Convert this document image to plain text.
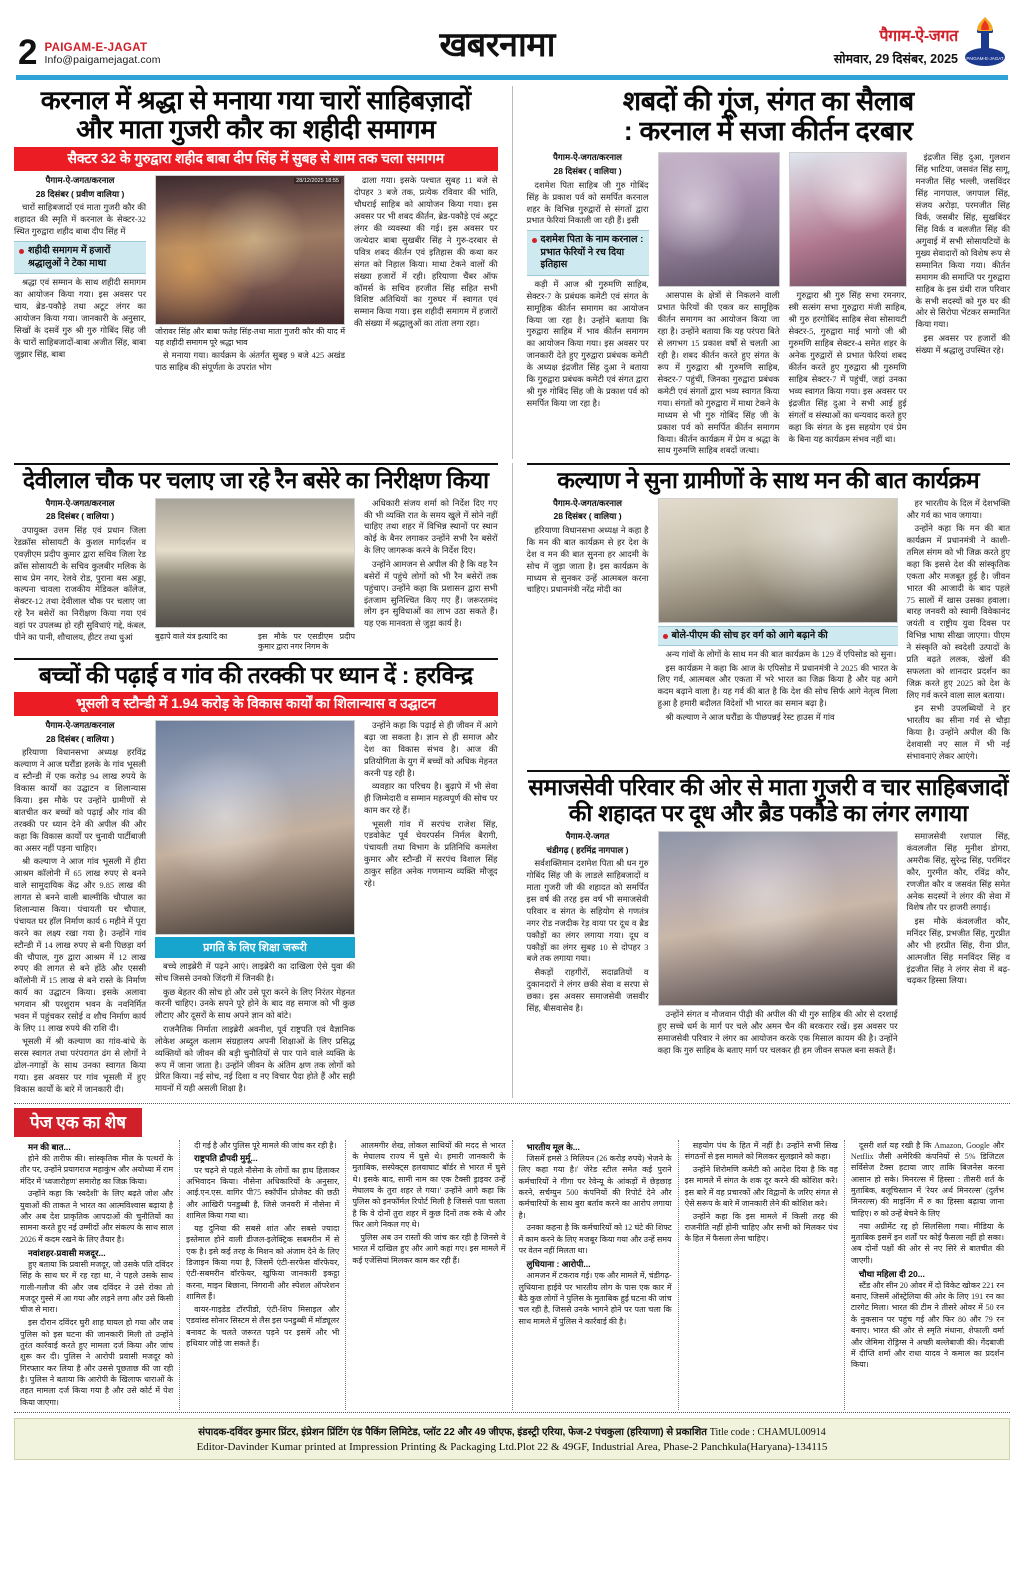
2 PAIGAM-E-JAGAT
Info@paigamejagat.com	खबरनामा	पैगाम-ऐ-जगत
सोमवार, 29 दिसंबर, 2025 PAIGAM-E-JAGAT
करनाल में श्रद्धा से मनाया गया चारों साहिबज़ादों
और माता गुजरी कौर का शहीदी समागम
सैक्टर 32 के गुरुद्वारा शहीद बाबा दीप सिंह में सुबह से शाम तक चला समागम
पैगाम-ऐ-जगत/करनाल
28 दिसंबर ( प्रवीण वालिया )

चारों साहिबजादों एवं माता गुजरी कौर की शहादत की स्मृति में करनाल के सेक्टर-32 स्थित गुरुद्वारा शहीद बाबा दीप सिंह में

शहीदी समागम में हजारों श्रद्धालुओं ने टेका माथा

श्रद्धा एवं सम्मान के साथ शहीदी समागम का आयोजन किया गया। इस अवसर पर चाय, ब्रेड-पकौड़े तथा अटूट लंगर का आयोजन किया गया। जानकारी के अनुसार, सिखों के दसवें गुरु श्री गुरु गोबिंद सिंह जी के चारों साहिबजादों-बाबा अजीत सिंह, बाबा जुझार सिंह, बाबा

28/12/2025 18:55
जोरावर सिंह और बाबा फतेह सिंह-तथा माता गुजरी कौर की याद में यह शहीदी समागम पूरे श्रद्धा भाव

से मनाया गया। कार्यक्रम के अंतर्गत सुबह 9 बजे 425 अखंड पाठ साहिब की संपूर्णता के उपरांत भोग

ढाला गया। इसके पश्चात सुबह 11 बजे से दोपहर 3 बजे तक, प्रत्येक रविवार की भांति, चौधराई साहिब को आयोजन किया गया। इस अवसर पर भी शबद कीर्तन, ब्रेड-पकौड़े एवं अटूट लंगर की व्यवस्था की गई। इस अवसर पर जत्थेदार बाबा सुखबीर सिंह ने गुरु-दरबार से पवित्र शबद कीर्तन एवं इतिहास की कथा कर संगत को निहाल किया। माथा टेकने वालों की संख्या हजारों में रही। हरियाणा चैंबर ऑफ कॉमर्स के सचिव हरजीत सिंह सहित सभी विशिष्ट अतिथियों का गुरुघर में स्वागत एवं सम्मान किया गया। इस शहीदी समागम में हजारों की संख्या में श्रद्धालुओं का तांता लगा रहा।

शबदों की गूंज, संगत का सैलाब
: करनाल में सजा कीर्तन दरबार
पैगाम-ऐ-जगत/करनाल
28 दिसंबर ( वालिया )

दशमेश पिता साहिब जी गुरु गोबिंद सिंह के प्रकाश पर्व को समर्पित करनाल शहर के विभिन्न गुरुद्वारों से संगतों द्वारा प्रभात फेरियां निकाली जा रही हैं। इसी

दशमेश पिता के नाम करनाल : प्रभात फेरियों ने रच दिया इतिहास

कड़ी में आज श्री गुरुमणि साहिब, सेक्टर-7 के प्रबंधक कमेटी एवं संगत के सामूहिक कीर्तन समागम का आयोजन किया जा रहा है। उन्होंने बताया कि गुरुद्वारा साहिब में भाव कीर्तन समागम का आयोजन किया गया। इस अवसर पर जानकारी देते हुए गुरुद्वारा प्रबंधक कमेटी के अध्यक्ष इंद्रजीत सिंह दुआ ने बताया कि गुरुद्वारा प्रबंधक कमेटी एवं संगत द्वारा श्री गुरु गोबिंद सिंह जी के प्रकाश पर्व को समर्पित किया जा रहा है।

आसपास के क्षेत्रों से निकलने वाली प्रभात फेरियों की एकत्र कर सामूहिक कीर्तन समागम का आयोजन किया जा रहा है। उन्होंने बताया कि यह परंपरा बिते से लगभग 15 प्रकाश वर्षों से चलती आ रही है। शबद कीर्तन करते हुए संगत के रूप में गुरुद्वारा श्री गुरुमणि साहिब, सेक्टर-7 पहुंचीं, जिनका गुरुद्वारा प्रबंधक कमेटी एवं संगतों द्वारा भव्य स्वागत किया गया। संगतों को गुरुद्वारा में माथा टेकने के माध्यम से भी गुरु गोबिंद सिंह जी के प्रकाश पर्व को समर्पित कीर्तन समागम किया। कीर्तन कार्यक्रम में प्रेम व श्रद्धा के साथ गुरुमणि साहिब शबदों जत्था।

गुरुद्वारा श्री गुरु सिंह सभा रमनगर, स्त्री सत्संग सभा गुरुद्वारा मंजी साहिब, श्री गुरु हरगोबिंद साहिब सेवा सोसायटी सेक्टर-5, गुरुद्वारा माई भागो जी श्री गुरुमणि साहिब सेक्टर-4 समेत शहर के अनेक गुरुद्वारों से प्रभात फेरियां शबद कीर्तन करते हुए गुरुद्वारा श्री गुरुमणि साहिब सेक्टर-7 में पहुंचीं, जहां उनका भव्य स्वागत किया गया। इस अवसर पर इंद्रजीत सिंह दुआ ने सभी आई हुई संगतों व संस्थाओं का धन्यवाद करते हुए कहा कि संगत के इस सहयोग एवं प्रेम के बिना यह कार्यक्रम संभव नहीं था।

इंद्रजीत सिंह दुआ, गुलशन सिंह भाटिया, जसवंत सिंह सागू, मनजीत सिंह भल्ली, जसविंदर सिंह नागपाल, जगपाल सिंह, संजय अरोड़ा, परमजीत सिंह विर्क, जसबीर सिंह, सुखबिंदर सिंह विर्क व बलजीत सिंह की अगुवाई में सभी सोसायटियों के मुख्य सेवादारों को विशेष रूप से सम्मानित किया गया। कीर्तन समागम की समाप्ति पर गुरुद्वारा साहिब के इस ग्रंथी राज परिवार के सभी सदस्यों को गुरु घर की ओर से सिरोपा भेंटकर सम्मानित किया गया।

इस अवसर पर हजारों की संख्या में श्रद्धालु उपस्थित रहे।

देवीलाल चौक पर चलाए जा रहे रैन बसेरे का निरीक्षण किया
पैगाम-ऐ-जगत/करनाल
28 दिसंबर ( वालिया )

उपायुक्त उत्तम सिंह एवं प्रधान जिला रेडक्रॉस सोसायटी के कुशल मार्गदर्शन व एवज़ीएम प्रदीप कुमार द्वारा सचिव जिला रेड क्रॉस सोसायटी के सचिव कुलबीर मलिक के साथ प्रेम नगर, रेलवे रोड, पुराना बस अड्डा, कल्पना चावला राजकीय मेडिकल कॉलेज, सेक्टर-12 तथा देवीलाल चौक पर चलाए जा रहे रैन बसेरों का निरीक्षण किया गया एवं वहां पर उपलब्ध हो रही सुविधाएं गद्दे, कंबल, पीने का पानी, शौचालय, हीटर तथा धुआं	बुढ़ापे वाले यंत्र इत्यादि का	इस मौके पर एसडीएम प्रदीप कुमार द्वारा नगर निगम के

अधिकारी संजय शर्मा को निर्देश दिए गए की भी व्यक्ति रात के समय खुले में सोने नहीं चाहिए तथा शहर में विभिन्न स्थानों पर स्थान कोई के बैनर लगाकर उन्होंने सभी रैन बसेरों के लिए जागरूक करने के निर्देश दिए।

उन्होंने आमजन से अपील की है कि वह रैन बसेरों में पहुंचे लोगों को भी रैन बसेरों तक पहुंचाए। उन्होंने कहा कि प्रशासन द्वारा सभी इंतजाम सुनिश्चित किए गए हैं। जरूरतमंद लोग इन सुविधाओं का लाभ उठा सकते हैं। यह एक मानवता से जुड़ा कार्य है।

बच्चों की पढ़ाई व गांव की तरक्की पर ध्यान दें : हरविन्द्र
भूसली व स्टौन्डी में 1.94 करोड़ के विकास कार्यों का शिलान्यास व उद्घाटन
पैगाम-ऐ-जगत/करनाल
28 दिसंबर ( वालिया )

हरियाणा विधानसभा अध्यक्ष हरविंद्र कल्याण ने आज घरौंडा हलके के गांव भूसली व स्टौन्डी में एक करोड़ 94 लाख रुपये के विकास कार्यों का उद्घाटन व शिलान्यास किया। इस मौके पर उन्होंने ग्रामीणों से बातचीत कर बच्चों को पढ़ाई और गांव की तरक्की पर ध्यान देने की अपील की और कहा कि विकास कार्यों पर चुनावी पार्टीबाजी का असर नहीं पड़ना चाहिए।

श्री कल्याण ने आज गांव भूसली में हीरा आश्रम कॉलोनी में 65 लाख रुपए से बनने वाले सामुदायिक केंद्र और 9.85 लाख की लागत से बनने वाली बाल्मीकि चौपाल का शिलान्यास किया। पंचायती घर चौपाल, पंचायत घर हॉल निर्माण कार्य 6 महीने में पूरा करने का लक्ष्य रखा गया है। उन्होंने गांव स्टौन्डी में 14 लाख रुपए से बनी पिछड़ा वर्ग की चौपाल, गुरु द्वारा आश्रम में 12 लाख रुपए की लागत से बने होंठे और एससी कॉलोनी में 15 लाख से बने रास्ते के निर्माण कार्य का उद्घाटन किया। इसके अलावा भगवान श्री परशुराम भवन के नवनिर्मित भवन में पहुंचकर रसोई व शौच निर्माण कार्य के लिए 11 लाख रुपये की राशि दी।

भूसली में श्री कल्याण का गांव-बांधे के सरस स्वागत तथा परंपरागत ढंग से लोगों ने ढोल-नगाड़ों के साथ उनका स्वागत किया गया। इस अवसर पर गांव भूसली में हुए विकास कार्यों के बारे में जानकारी दी।

प्रगति के लिए शिक्षा जरूरी

बच्चे लाइब्रेरी में पढ़ने आएं। लाइब्रेरी का दाखिला ऐसे युवा की सोच जिससे उनको जिंदगी में जिनकी है।

कुछ बेहतर की सोच हो और उसे पूरा करने के लिए निरंतर मेहनत करनी चाहिए। उनके सपने पूरे होने के बाद वह समाज को भी कुछ लौटाए और दूसरों के साथ अपने ज्ञान को बांटे।

राजनैतिक निर्माता लाइब्रेरी अवनीश, पूर्व राष्ट्रपति एवं वैज्ञानिक लोकेश अब्दुल कलाम संग्रहालय अपनी शिक्षाओं के लिए प्रसिद्ध व्यक्तियों को जीवन की बड़ी चुनौतियों से पार पाने वाले व्यक्ति के रूप में जाना जाता है। उन्होंने जीवन के अंतिम क्षण तक लोगों को प्रेरित किया। नई सोच, नई दिशा व नए विचार पैदा होते हैं और सही मायनों में यही असली शिक्षा है।

उन्होंने कहा कि पढ़ाई से ही जीवन में आगे बढ़ा जा सकता है। ज्ञान से ही समाज और देश का विकास संभव है। आज की प्रतियोगिता के युग में बच्चों को अधिक मेहनत करनी पड़ रही है।

व्यवहार का परिचय है। बुढ़ापे में भी सेवा ही जिम्मेदारी व सम्मान महत्वपूर्ण की सोच पर काम कर रहे हैं।

भूसली गांव में सरपंच राजेश सिंह, एडवोकेट पूर्व चेयरपर्सन निर्मल बैरागी, पंचायती तथा विभाग के प्रतिनिधि कमलेश कुमार और स्टौन्डी में सरपंच विशाल सिंह ठाकुर सहित अनेक गणमान्य व्यक्ति मौजूद रहे।

कल्याण ने सुना ग्रामीणों के साथ मन की बात कार्यक्रम
पैगाम-ऐ-जगत/करनाल
28 दिसंबर ( वालिया )

हरियाणा विधानसभा अध्यक्ष ने कहा है कि मन की बात कार्यक्रम से हर देश के देश व मन की बात सुनना हर आदमी के सोच में जुड़ा जाता है। इस कार्यक्रम के माध्यम से सुनकर उन्हें आत्मबल करना चाहिए। प्रधानमंत्री नरेंद्र मोदी का

बोले-पीएम की सोच हर वर्ग को आगे बढ़ाने की

अन्य गांवों के लोगों के साथ मन की बात कार्यक्रम के 129 वें एपिसोड को सुना।

इस कार्यक्रम ने कहा कि आज के एपिसोड में प्रधानमंत्री ने 2025 की भारत के लिए गर्व, आत्मबल और एकता में भरे भारत का जिक्र किया है और यह आगे कदम बढ़ाने वाला है। यह गर्व की बात है कि देश की सोच सिर्फ आगे नेतृत्व मिला हुआ है हमारी बदौलत विदेशों भी भारत का समान बढ़ा है।

श्री कल्याण ने आज घरौंडा के पीछपन्नई रेस्ट हाउस में गांव

हर भारतीय के दिल में देशभक्ति और गर्व का भाव जगाया।

उन्होंने कहा कि मन की बात कार्यक्रम में प्रधानमंत्री ने काशी-तमिल संगम को भी जिक्र करते हुए कहा कि इससे देश की सांस्कृतिक एकता और मजबूत हुई है। जीवन भारत की आजादी के बाद पहले 75 सालों में खास उसका हवाला। बारह जनवरी को स्वामी विवेकानंद जयंती व राष्ट्रीय युवा दिवस पर विभिन्न भाषा सीखा जाएगा। पीएम ने संस्कृति को स्वदेशी उत्पादों के प्रति बढ़ते ललक, खेलों की सफलता को शानदार प्रदर्शन का जिक्र करते हुए 2025 को देश के लिए गर्व करने वाला साल बताया।

इन सभी उपलब्धियों ने हर भारतीय का सीना गर्व से चौड़ा किया है। उन्होंने अपील की कि देशवासी नए साल में भी नई संभावनाएं लेकर आएंगे।

समाजसेवी परिवार की ओर से माता गुजरी व चार साहिबजादों
की शहादत पर दूध और ब्रैड पकौडे का लंगर लगाया
पैगाम-ऐ-जगत
चंडीगढ़ ( हरमिंद्र नागपाल )

सर्वशक्तिमान दशमेश पिता श्री धन गुरु गोबिंद सिंह जी के लाडले साहिबजादों व माता गुजरी जी की शहादत को समर्पित इस वर्ष की तरह इस वर्ष भी समाजसेवी परिवार व संगत के सहियोग से गणतंत्र नगर रोड नजदीक रेड़ वाया पर दूध व ब्रैड पकौड़ों का लंगर लगाया गया। दूध व पकौड़ों का लंगर सुबह 10 से दोपहर 3 बजे तक लगाया गया।

सैकड़ों राहगीरों, सदाव्रतियों व दुकानदारों ने लंगर छकी सेवा व सरपा से छका। इस अवसर समाजसेवी जसवीर सिंह, बीसवासेव है।

उन्होंने संगत व नौजवान पीढ़ी की अपील की थी गुरु साहिब की ओर से दरशाई हुए सच्चे धर्म के मार्ग पर चले और अमन चैन की बरकरार रखें। इस अवसर पर समाजसेवी परिवार ने लंगर का आयोजन करके एक मिसाल कायम की है। उन्होंने कहा कि गुरु साहिब के बताए मार्ग पर चलकर ही हम जीवन सफल बना सकते हैं।

समाजसेवी रशपाल सिंह, कंवलजीत सिंह मुनीश डोगरा, अमरीक सिंह, सुरेन्द्र सिंह, परमिंदर कौर, गुरमीत कौर, रविंद्र कौर, रणजीत कौर व जसवंत सिंह समेत अनेक सदस्यों ने लंगर की सेवा में विशेष तौर पर हाजरी लगाई।

इस मौके कंवलजीत कौर, मनिंदर सिंह, प्रभजीत सिंह, गुरप्रीत और भी हरप्रीत सिंह, रीना प्रीत, आत्मजीत सिंह मनविंदर सिंह व इंद्रजीत सिंह ने लंगर सेवा में बढ़-चढ़कर हिस्सा लिया।

पेज एक का शेष
मन की बात...

होने की तारीफ की। सांस्कृतिक मील के पत्थरों के तौर पर, उन्होंने प्रयागराज महाकुंभ और अयोध्या में राम मंदिर में 'ध्वजारोहण' समारोह का जिक्र किया।

उन्होंने कहा कि 'स्वदेशी' के लिए बढ़ते जोश और युवाओं की ताकत ने भारत का आत्मविश्वास बढ़ाया है और अब देश प्राकृतिक आपदाओं की चुनौतियों का सामना करते हुए नई उम्मीदों और संकल्प के साथ साल 2026 में कदम रखने के लिए तैयार है।

नवांशहर-प्रवासी मजदूर...

हुए बताया कि प्रवासी मजदूर, जो उसके पति दविंदर सिंह के साथ घर में रह रहा था, ने पहले उसके साथ गाली-गलौज की और जब दविंदर ने उसे रोका तो मजदूर गुस्से में आ गया और लड़ने लगा और उसे किसी चीज से मारा।

इस दौरान दविंदर घुरी शाह घायल हो गया और जब पुलिस को इस घटना की जानकारी मिली तो उन्होंने तुरंत कार्रवाई करते हुए मामला दर्ज किया और जांच शुरू कर दी। पुलिस ने आरोपी प्रवासी मजदूर को गिरफ्तार कर लिया है और उससे पूछताछ की जा रही है। पुलिस ने बताया कि आरोपी के खिलाफ धाराओं के तहत मामला दर्ज किया गया है और उसे कोर्ट में पेश किया जाएगा।

दी गई है और पुलिस पूरे मामले की जांच कर रही है।

राष्ट्रपति द्रौपदी मुर्मू...

पर चढ़ने से पहले नौसेना के लोगों का हाथ हिलाकर अभिवादन किया। नौसेना अधिकारियों के अनुसार, आई.एन.एस. वागिर पी75 स्कॉर्पीन प्रोजेक्ट की छठी और आखिरी पनडुब्बी है, जिसे जनवरी में नौसेना में शामिल किया गया था।

यह दुनिया की सबसे शांत और सबसे ज्यादा इस्तेमाल होने वाली डीजल-इलेक्ट्रिक सबमरीन में से एक है। इसे कई तरह के मिशन को अंजाम देने के लिए डिजाइन किया गया है, जिसमें एंटी-सरफेस वॉरफेयर, एंटी-सबमरीन वॉरफेयर, खुफिया जानकारी इकट्ठा करना, माइन बिछाना, निगरानी और स्पेशल ऑपरेशन शामिल हैं।

वायर-गाइडेड टॉरपीडो, एंटी-शिप मिसाइल और एडवांस्ड सोनार सिस्टम से लैस इस पनडुब्बी में मॉड्यूलर बनावट के चलते जरूरत पड़ने पर इसमें और भी हथियार जोड़े जा सकते हैं।

आलमगीर शेख, लोकल साथियों की मदद से भारत के मेघालय राज्य में घुसे थे। हमारी जानकारी के मुताबिक, सस्पेक्ट्स हलवाघाट बॉर्डर से भारत में घुसे थे। इसके बाद, सामी नाम का एक टैक्सी ड्राइवर उन्हें मेघालय के तुरा शहर ले गया।' उन्होंने आगे कहा कि पुलिस को इनफॉर्मल रिपोर्ट मिली है जिससे पता चलता है कि वे दोनों तुरा शहर में कुछ दिनों तक रुके थे और फिर आगे निकल गए थे।

पुलिस अब उन रास्तों की जांच कर रही है जिनसे वे भारत में दाखिल हुए और आगे कहां गए। इस मामले में कई एजेंसियां मिलकर काम कर रही हैं।

भारतीय मूल के...

जिसमें हमसे 3 मिलियन (26 करोड़ रुपये) भेजने के लिए कहा गया है।' जेरेड स्टील समेत कई पुराने कर्मचारियों ने गीगा पर रेवेन्यू के आंकड़ों में छेड़छाड़ करने, सर्चग्युन 500 कंपनियों की रिपोर्ट देने और कर्मचारियों के साथ बुरा बर्ताव करने का आरोप लगाया है।

उनका कहना है कि कर्मचारियों को 12 घंटे की शिफ्ट में काम करने के लिए मजबूर किया गया और उन्हें समय पर वेतन नहीं मिलता था।

लुधियाना : आरोपी...

आमजन में टकराव गई। एक और मामले में, चंडीगढ़-लुधियाना हाईवे पर भारतीय लोग के पास एक कार में बैठे कुछ लोगों ने पुलिस के मुताबिक हुई घटना की जांच चल रही है, जिससे उनके भागने होने पर पता चला कि साथ मामले में पुलिस ने कार्रवाई की है।

सहयोग पंथ के हित में नहीं है। उन्होंने सभी सिख संगठनों से इस मामले को मिलकर सुलझाने को कहा।

उन्होंने शिरोमणि कमेटी को आदेश दिया है कि वह इस मामले में संगत के शक दूर करने की कोशिश करे। इस बारे में वह प्रचारकों और विद्वानों के जरिए संगत से ऐसे सरूप के बारे में जानकारी लेने की कोशिश करे।

उन्होंने कहा कि इस मामले में किसी तरह की राजनीति नहीं होनी चाहिए और सभी को मिलकर पंथ के हित में फैसला लेना चाहिए।

दूसरी शर्त यह रखी है कि Amazon, Google और Netflix जैसी अमेरिकी कंपनियों से 5% डिजिटल सर्विसेज टैक्स हटाया जाए ताकि बिजनेस करना आसान हो सके। मिनरल्स में हिस्सा : तीसरी शर्त के मुताबिक, बलूचिस्तान में 'रेयर अर्थ मिनरल्स' (दुर्लभ मिनरल्स) की माइनिंग में रु का हिस्सा बढ़ाया जाना चाहिए। रु को उन्हें बेचने के लिए

नया अग्रीमेंट रद्द हो सिलसिला गया। मीडिया के मुताबिक इसमें इन शर्तों पर कोई फैसला नहीं हो सका। अब दोनों पक्षों की ओर से नए सिरे से बातचीत की जाएगी।

चौथा महिला दी 20...

स्टैंड और सीन 20 ओवर में दो विकेट खोकर 221 रन बनाए, जिसमें ऑस्ट्रेलिया की ओर के लिए 191 रन का टारगेट मिला। भारत की टीम ने तीसरे ओवर में 50 रन के नुकसान पर पहुंच गई और फिर 80 और 79 रन बनाए। भारत की ओर से स्मृति मंधाना, शेफाली वर्मा और जेमिमा रोड्रिग्स ने अच्छी बल्लेबाजी की। गेंदबाजी में दीप्ति शर्मा और राधा यादव ने कमाल का प्रदर्शन किया।

संपादक-दविंदर कुमार प्रिंटर, इंप्रेशन प्रिंटिंग एंड पैकिंग लिमिटेड, प्लॉट 22 और 49 जीएफ, इंडस्ट्री एरिया, फेज-2 पंचकुला (हरियाणा) से प्रकाशित Title code : CHAMUL00914
Editor-Davinder Kumar printed at Impression Printing & Packaging Ltd.Plot 22 & 49GF, Industrial Area, Phase-2 Panchkula(Haryana)-134115
